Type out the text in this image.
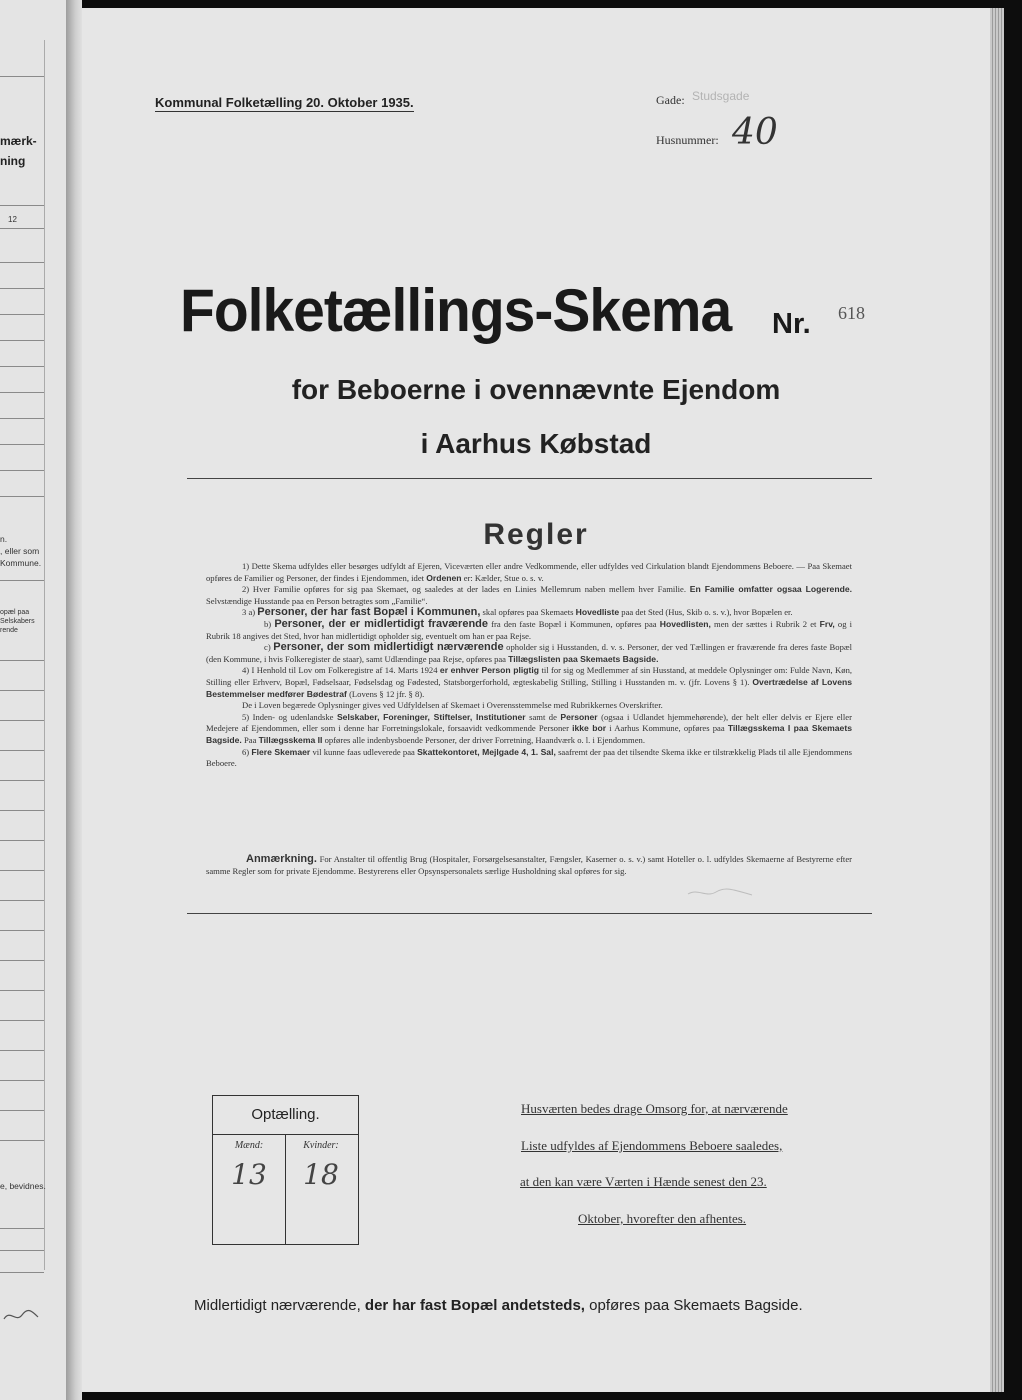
mærk-
ning
12
n.
, eller som
Kommune.
opæl paa
Selskabers
rende
e, bevidnes.
Kommunal Folketælling 20. Oktober 1935.	Gade: Studsgade
Husnummer: 40
Folketællings-Skema Nr. 618
for Beboerne i ovennævnte Ejendom
i Aarhus Købstad
Regler

1) Dette Skema udfyldes eller besørges udfyldt af Ejeren, Viceværten eller andre Vedkommende, eller udfyldes ved Cirkulation blandt Ejendommens Beboere. — Paa Skemaet opføres de Familier og Personer, der findes i Ejendommen, idet Ordenen er: Kælder, Stue o. s. v.

2) Hver Familie opføres for sig paa Skemaet, og saaledes at der lades en Linies Mellemrum naben mellem hver Familie. En Familie omfatter ogsaa Logerende. Selvstændige Husstande paa en Person betragtes som „Familie“.

3 a) Personer, der har fast Bopæl i Kommunen, skal opføres paa Skemaets Hovedliste paa det Sted (Hus, Skib o. s. v.), hvor Bopælen er.

b) Personer, der er midlertidigt fraværende fra den faste Bopæl i Kommunen, opføres paa Hovedlisten, men der sættes i Rubrik 2 et Frv, og i Rubrik 18 angives det Sted, hvor han midlertidigt opholder sig, eventuelt om han er paa Rejse.

c) Personer, der som midlertidigt nærværende opholder sig i Husstanden, d. v. s. Personer, der ved Tællingen er fraværende fra deres faste Bopæl (den Kommune, i hvis Folkeregister de staar), samt Udlændinge paa Rejse, opføres paa Tillægslisten paa Skemaets Bagside.

4) I Henhold til Lov om Folkeregistre af 14. Marts 1924 er enhver Person pligtig til for sig og Medlemmer af sin Husstand, at meddele Oplysninger om: Fulde Navn, Køn, Stilling eller Erhverv, Bopæl, Fødselsaar, Fødselsdag og Fødested, Statsborgerforhold, ægteskabelig Stilling, Stilling i Husstanden m. v. (jfr. Lovens § 1). Overtrædelse af Lovens Bestemmelser medfører Bødestraf (Lovens § 12 jfr. § 8).

De i Loven begærede Oplysninger gives ved Udfyldelsen af Skemaet i Overensstemmelse med Rubrikkernes Overskrifter.

5) Inden- og udenlandske Selskaber, Foreninger, Stiftelser, Institutioner samt de Personer (ogsaa i Udlandet hjemmehørende), der helt eller delvis er Ejere eller Medejere af Ejendommen, eller som i denne har Forretningslokale, forsaavidt vedkommende Personer ikke bor i Aarhus Kommune, opføres paa Tillægsskema I paa Skemaets Bagside. Paa Tillægsskema II opføres alle indenbysboende Personer, der driver Forretning, Haandværk o. l. i Ejendommen.

6) Flere Skemaer vil kunne faas udleverede paa Skattekontoret, Mejlgade 4, 1. Sal, saafremt der paa det tilsendte Skema ikke er tilstrækkelig Plads til alle Ejendommens Beboere.

Anmærkning. For Anstalter til offentlig Brug (Hospitaler, Forsørgelsesanstalter, Fængsler, Kaserner o. s. v.) samt Hoteller o. l. udfyldes Skemaerne af Bestyrerne efter samme Regler som for private Ejendomme. Bestyrerens eller Opsynspersonalets særlige Husholdning skal opføres for sig.

Optælling.
Mænd:
13
Kvinder:
18
Husværten bedes drage Omsorg for, at nærværende
Liste udfyldes af Ejendommens Beboere saaledes,
at den kan være Værten i Hænde senest den 23.
Oktober, hvorefter den afhentes.
Midlertidigt nærværende, der har fast Bopæl andetsteds, opføres paa Skemaets Bagside.
